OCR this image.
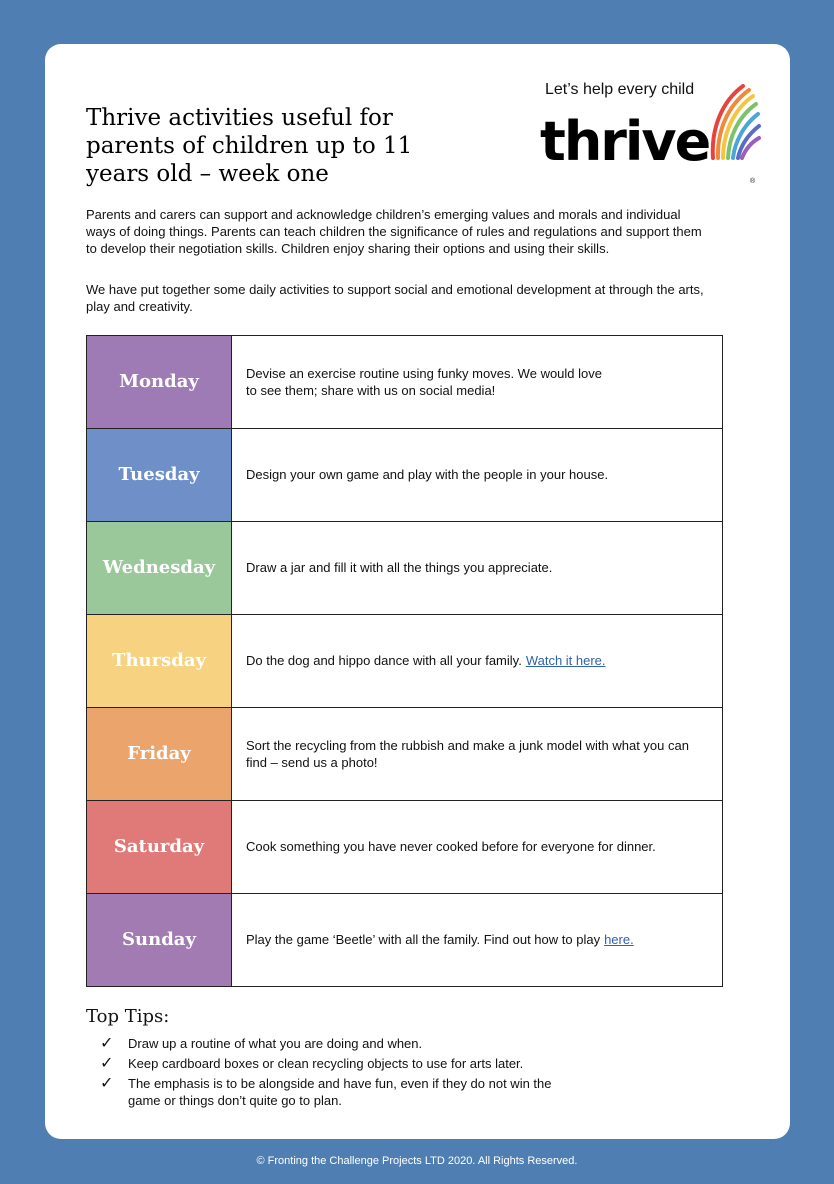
Thrive activities useful for parents of children up to 11 years old – week one
Let’s help every child
thrive
®

Parents and carers can support and acknowledge children’s emerging values and morals and individual ways of doing things. Parents can teach children the significance of rules and regulations and support them to develop their negotiation skills. Children enjoy sharing their options and using their skills.

We have put together some daily activities to support social and emotional development at through the arts, play and creativity.

Monday	Devise an exercise routine using funky moves. We would love to see them; share with us on social media!
Tuesday	Design your own game and play with the people in your house.
Wednesday	Draw a jar and fill it with all the things you appreciate.
Thursday	Do the dog and hippo dance with all your family. Watch it here.
Friday	Sort the recycling from the rubbish and make a junk model with what you can find – send us a photo!
Saturday	Cook something you have never cooked before for everyone for dinner.
Sunday	Play the game ‘Beetle’ with all the family. Find out how to play here.
Top Tips:
✓	Draw up a routine of what you are doing and when.
✓	Keep cardboard boxes or clean recycling objects to use for arts later.
✓	The emphasis is to be alongside and have fun, even if they do not win the game or things don’t quite go to plan.
© Fronting the Challenge Projects LTD 2020. All Rights Reserved.
